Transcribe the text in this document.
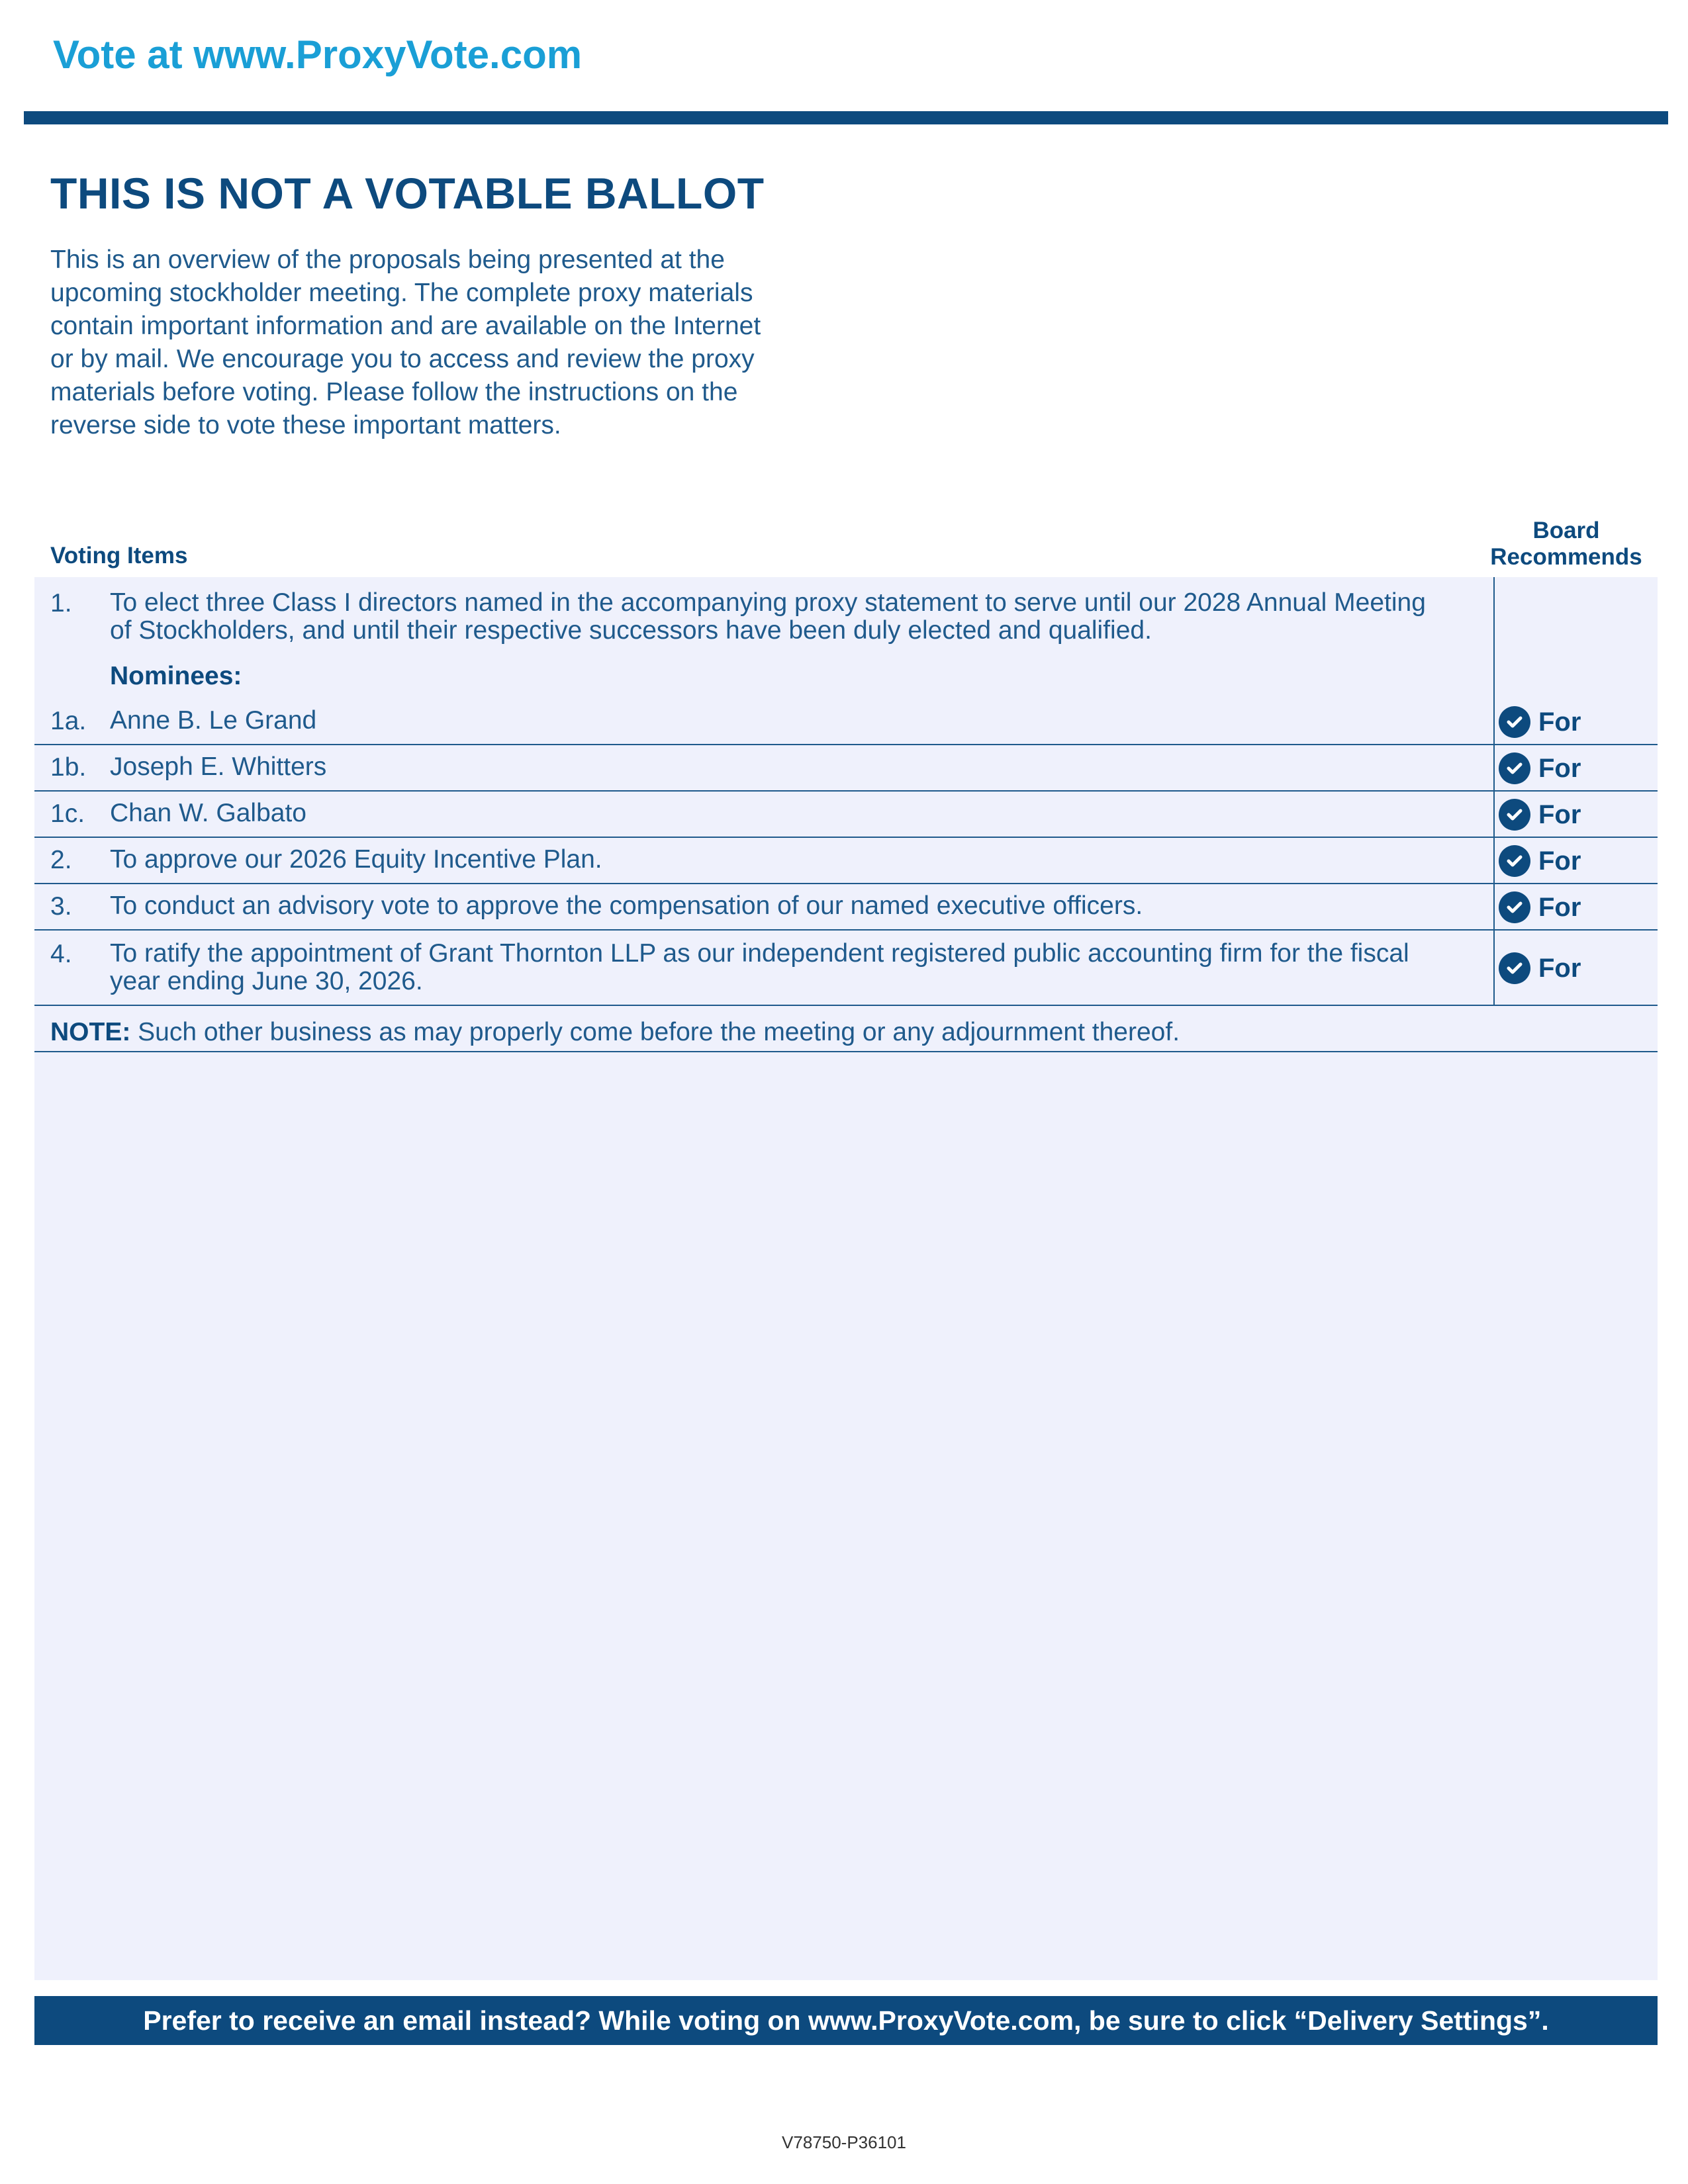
Vote at www.ProxyVote.com
THIS IS NOT A VOTABLE BALLOT
This is an overview of the proposals being presented at the
upcoming stockholder meeting. The complete proxy materials
contain important information and are available on the Internet
or by mail. We encourage you to access and review the proxy
materials before voting. Please follow the instructions on the
reverse side to vote these important matters.
Voting Items
Board
Recommends
1. To elect three Class I directors named in the accompanying proxy statement to serve until our 2028 Annual Meeting
of Stockholders, and until their respective successors have been duly elected and qualified.
Nominees:
1a. Anne B. Le Grand	For
1b. Joseph E. Whitters	For
1c. Chan W. Galbato	For
2. To approve our 2026 Equity Incentive Plan.	For
3. To conduct an advisory vote to approve the compensation of our named executive officers.	For
4. To ratify the appointment of Grant Thornton LLP as our independent registered public accounting firm for the fiscal
year ending June 30, 2026.	For
NOTE: Such other business as may properly come before the meeting or any adjournment thereof.
Prefer to receive an email instead? While voting on www.ProxyVote.com, be sure to click “Delivery Settings”.
V78750-P36101
